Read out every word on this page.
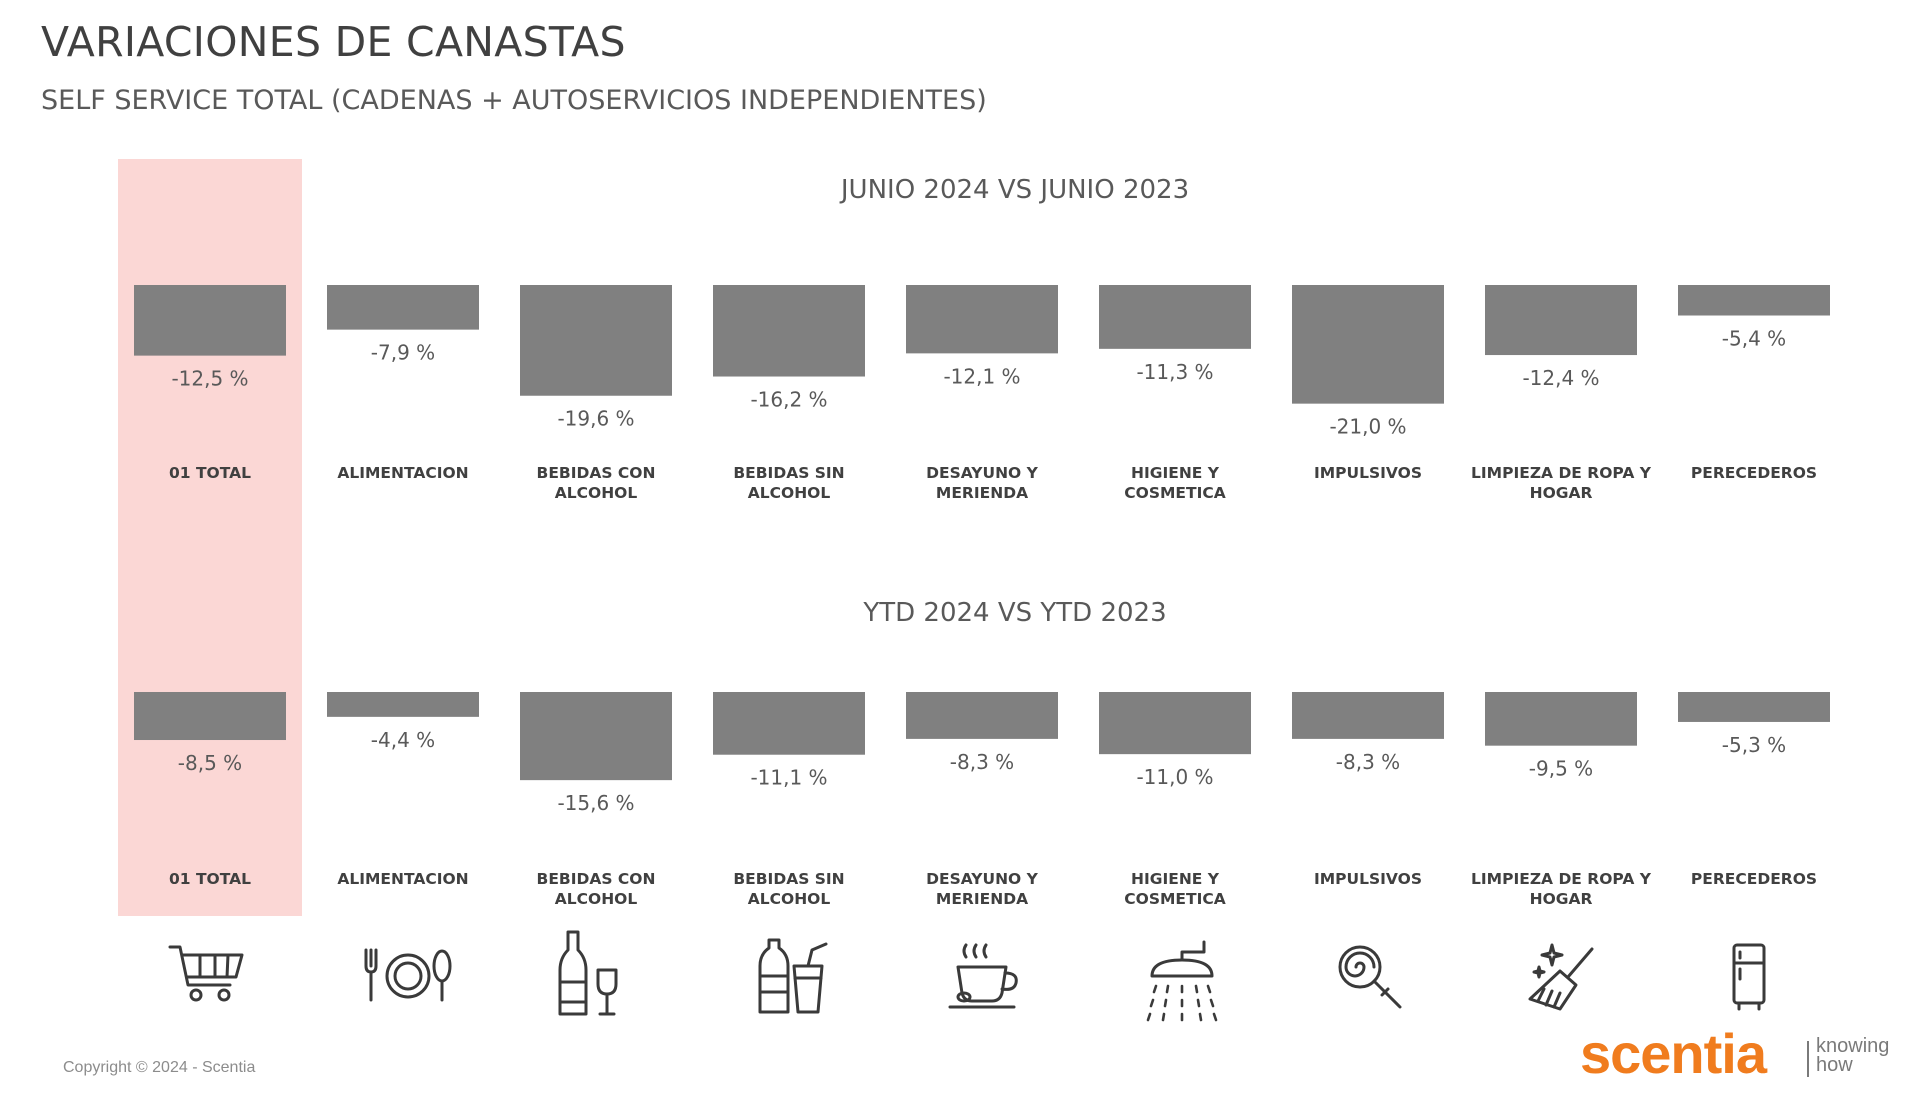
VARIACIONES DE CANASTAS
SELF SERVICE TOTAL (CADENAS + AUTOSERVICIOS INDEPENDIENTES)
JUNIO 2024 VS JUNIO 2023
YTD 2024 VS YTD 2023
-12,5 %
01 TOTAL
-7,9 %
ALIMENTACION
-19,6 %
BEBIDAS CON
ALCOHOL
-16,2 %
BEBIDAS SIN
ALCOHOL
-12,1 %
DESAYUNO Y
MERIENDA
-11,3 %
HIGIENE Y
COSMETICA
-21,0 %
IMPULSIVOS
-12,4 %
LIMPIEZA DE ROPA Y
HOGAR
-5,4 %
PERECEDEROS
-8,5 %
01 TOTAL
-4,4 %
ALIMENTACION
-15,6 %
BEBIDAS CON
ALCOHOL
-11,1 %
BEBIDAS SIN
ALCOHOL
-8,3 %
DESAYUNO Y
MERIENDA
-11,0 %
HIGIENE Y
COSMETICA
-8,3 %
IMPULSIVOS
-9,5 %
LIMPIEZA DE ROPA Y
HOGAR
-5,3 %
PERECEDEROS
Copyright © 2024 - Scentia	scentia	knowing
how
